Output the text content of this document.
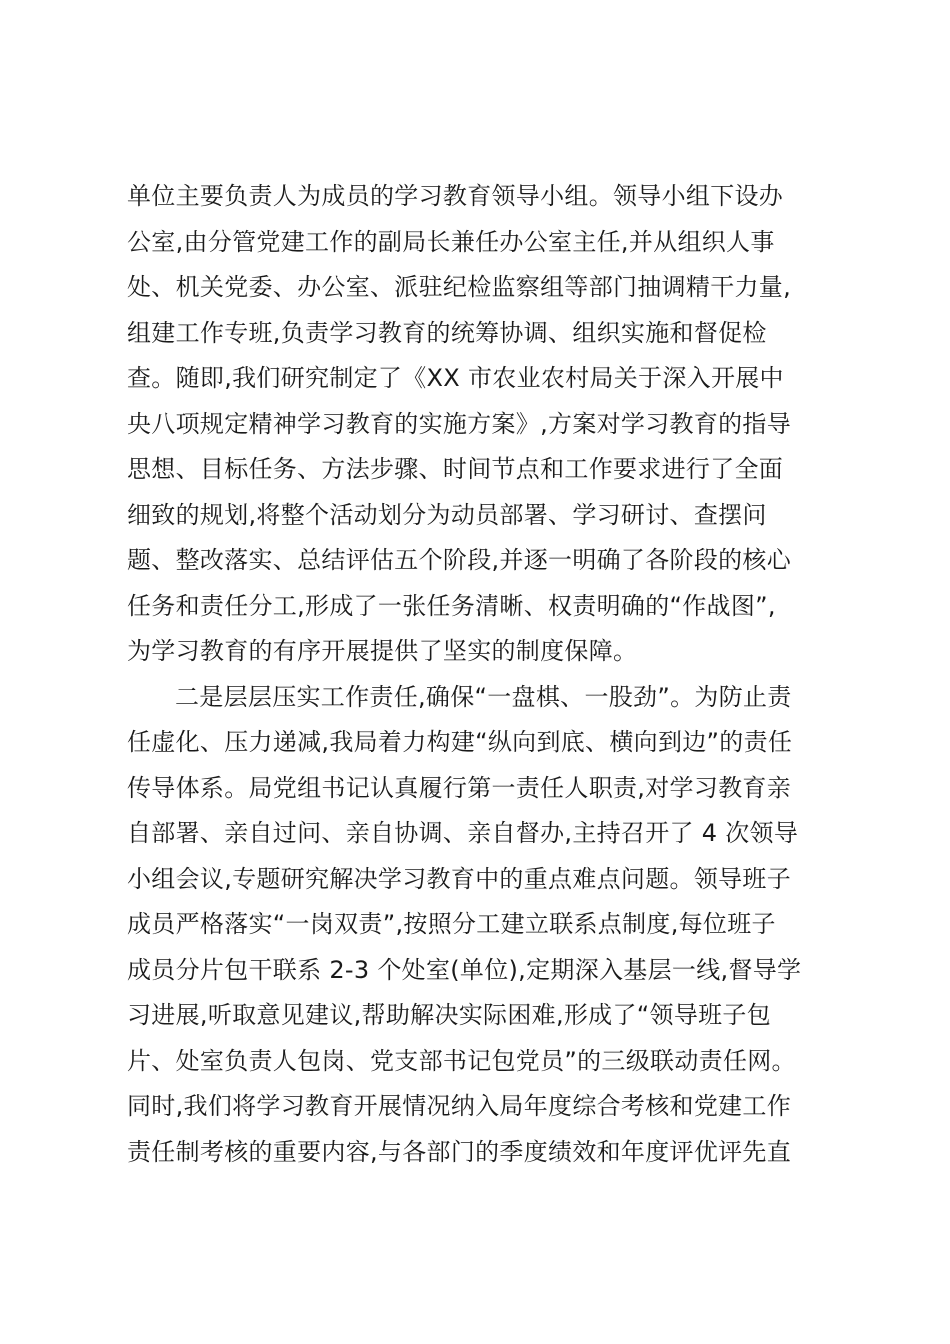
单位主要负责人为成员的学习教育领导小组。领导小组下设办
公室,由分管党建工作的副局长兼任办公室主任,并从组织人事
处、机关党委、办公室、派驻纪检监察组等部门抽调精干力量,
组建工作专班,负责学习教育的统筹协调、组织实施和督促检
查。随即,我们研究制定了《XX 市农业农村局关于深入开展中
央八项规定精神学习教育的实施方案》,方案对学习教育的指导
思想、目标任务、方法步骤、时间节点和工作要求进行了全面
细致的规划,将整个活动划分为动员部署、学习研讨、查摆问
题、整改落实、总结评估五个阶段,并逐一明确了各阶段的核心
任务和责任分工,形成了一张任务清晰、权责明确的“作战图”,
为学习教育的有序开展提供了坚实的制度保障。
二是层层压实工作责任,确保“一盘棋、一股劲”。为防止责
任虚化、压力递减,我局着力构建“纵向到底、横向到边”的责任
传导体系。局党组书记认真履行第一责任人职责,对学习教育亲
自部署、亲自过问、亲自协调、亲自督办,主持召开了 4 次领导
小组会议,专题研究解决学习教育中的重点难点问题。领导班子
成员严格落实“一岗双责”,按照分工建立联系点制度,每位班子
成员分片包干联系 2-3 个处室(单位),定期深入基层一线,督导学
习进展,听取意见建议,帮助解决实际困难,形成了“领导班子包
片、处室负责人包岗、党支部书记包党员”的三级联动责任网。
同时,我们将学习教育开展情况纳入局年度综合考核和党建工作
责任制考核的重要内容,与各部门的季度绩效和年度评优评先直
